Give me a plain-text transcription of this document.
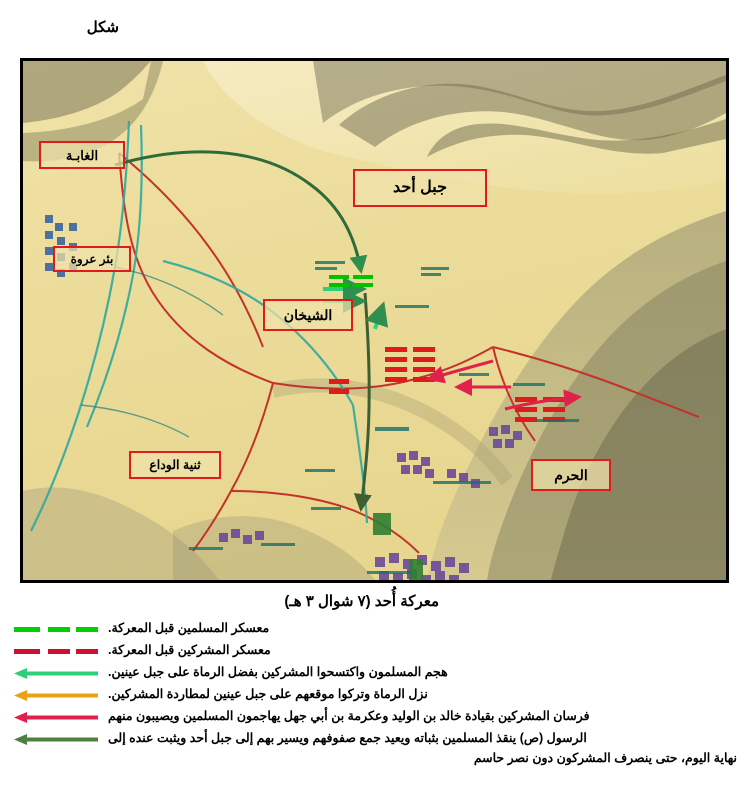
شكل
جبل أحد
الغابـة
بئر عروة
الشيخان
ثنية الوداع
الحرم
معركة أُحد (٧ شوال ٣ هـ)
معسكر المسلمين قبل المعركة.
معسكر المشركين قبل المعركة.
هجم المسلمون واكتسحوا المشركين بفضل الرماة على جبل عينين.
نزل الرماة وتركوا موقعهم على جبل عينين لمطاردة المشركين.
فرسان المشركين بقيادة خالد بن الوليد وعكرمة بن أبي جهل يهاجمون المسلمين ويصيبون منهم
الرسول (ص) ينقذ المسلمين بثباته ويعيد جمع صفوفهم ويسير بهم إلى جبل أحد ويثبت عنده إلى
نهاية اليوم، حتى ينصرف المشركون دون نصر حاسم
